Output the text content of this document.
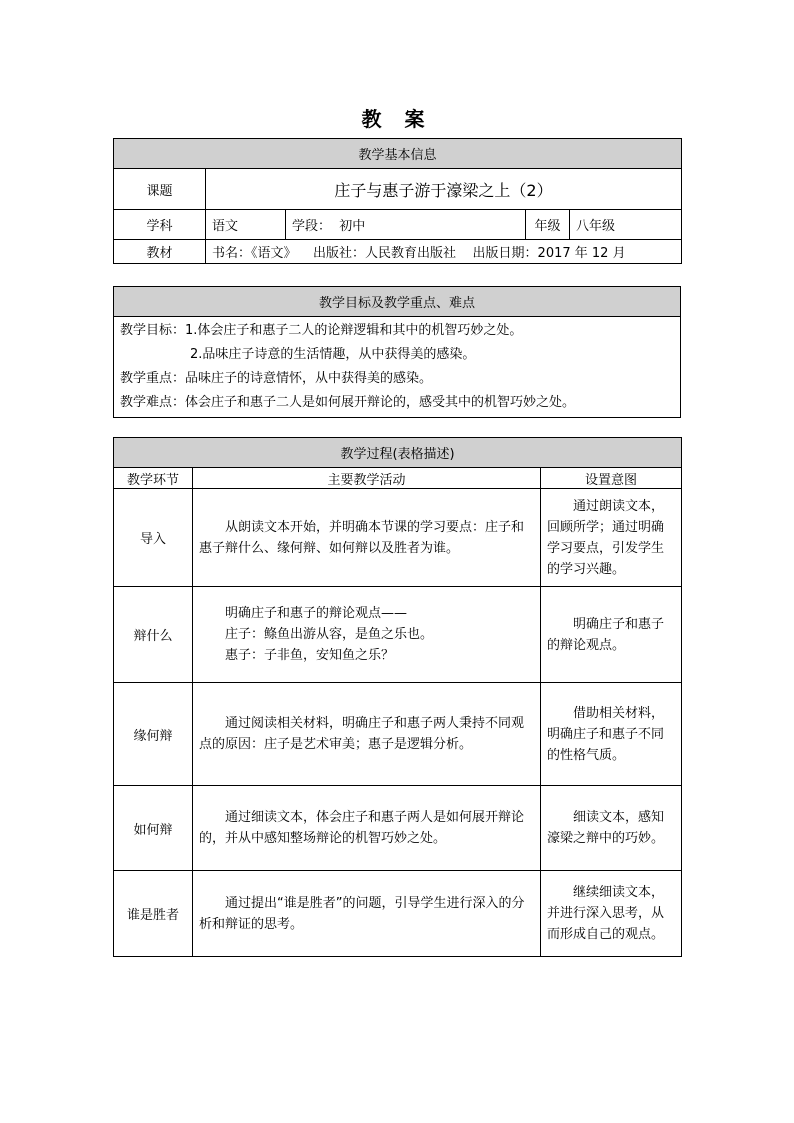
教 案
教学基本信息				
课题	庄子与惠子游于濠梁之上（2）			
学科	语文	学段： 初中	年级	八年级
教材	书名：《语文》    出版社：人民教育出版社    出版日期：2017 年 12 月			
教学目标及教学重点、难点

教学目标：1.体会庄子和惠子二人的论辩逻辑和其中的机智巧妙之处。
2.品味庄子诗意的生活情趣，从中获得美的感染。
教学重点：品味庄子的诗意情怀，从中获得美的感染。
教学难点：体会庄子和惠子二人是如何展开辩论的，感受其中的机智巧妙之处。
教学过程(表格描述)		
教学环节	主要教学活动	设置意图
导入	从朗读文本开始，并明确本节课的学习要点：庄子和惠子辩什么、缘何辩、如何辩以及胜者为谁。	通过朗读文本，回顾所学；通过明确学习要点，引发学生的学习兴趣。

辩什么	明确庄子和惠子的辩论观点——
庄子：鲦鱼出游从容，是鱼之乐也。
惠子：子非鱼，安知鱼之乐？	明确庄子和惠子的辩论观点。

缘何辩	通过阅读相关材料，明确庄子和惠子两人秉持不同观点的原因：庄子是艺术审美；惠子是逻辑分析。	借助相关材料，明确庄子和惠子不同的性格气质。

如何辩	通过细读文本，体会庄子和惠子两人是如何展开辩论的，并从中感知整场辩论的机智巧妙之处。	细读文本，感知濠梁之辩中的巧妙。

谁是胜者	通过提出“谁是胜者”的问题，引导学生进行深入的分析和辩证的思考。	继续细读文本，并进行深入思考，从而形成自己的观点。
